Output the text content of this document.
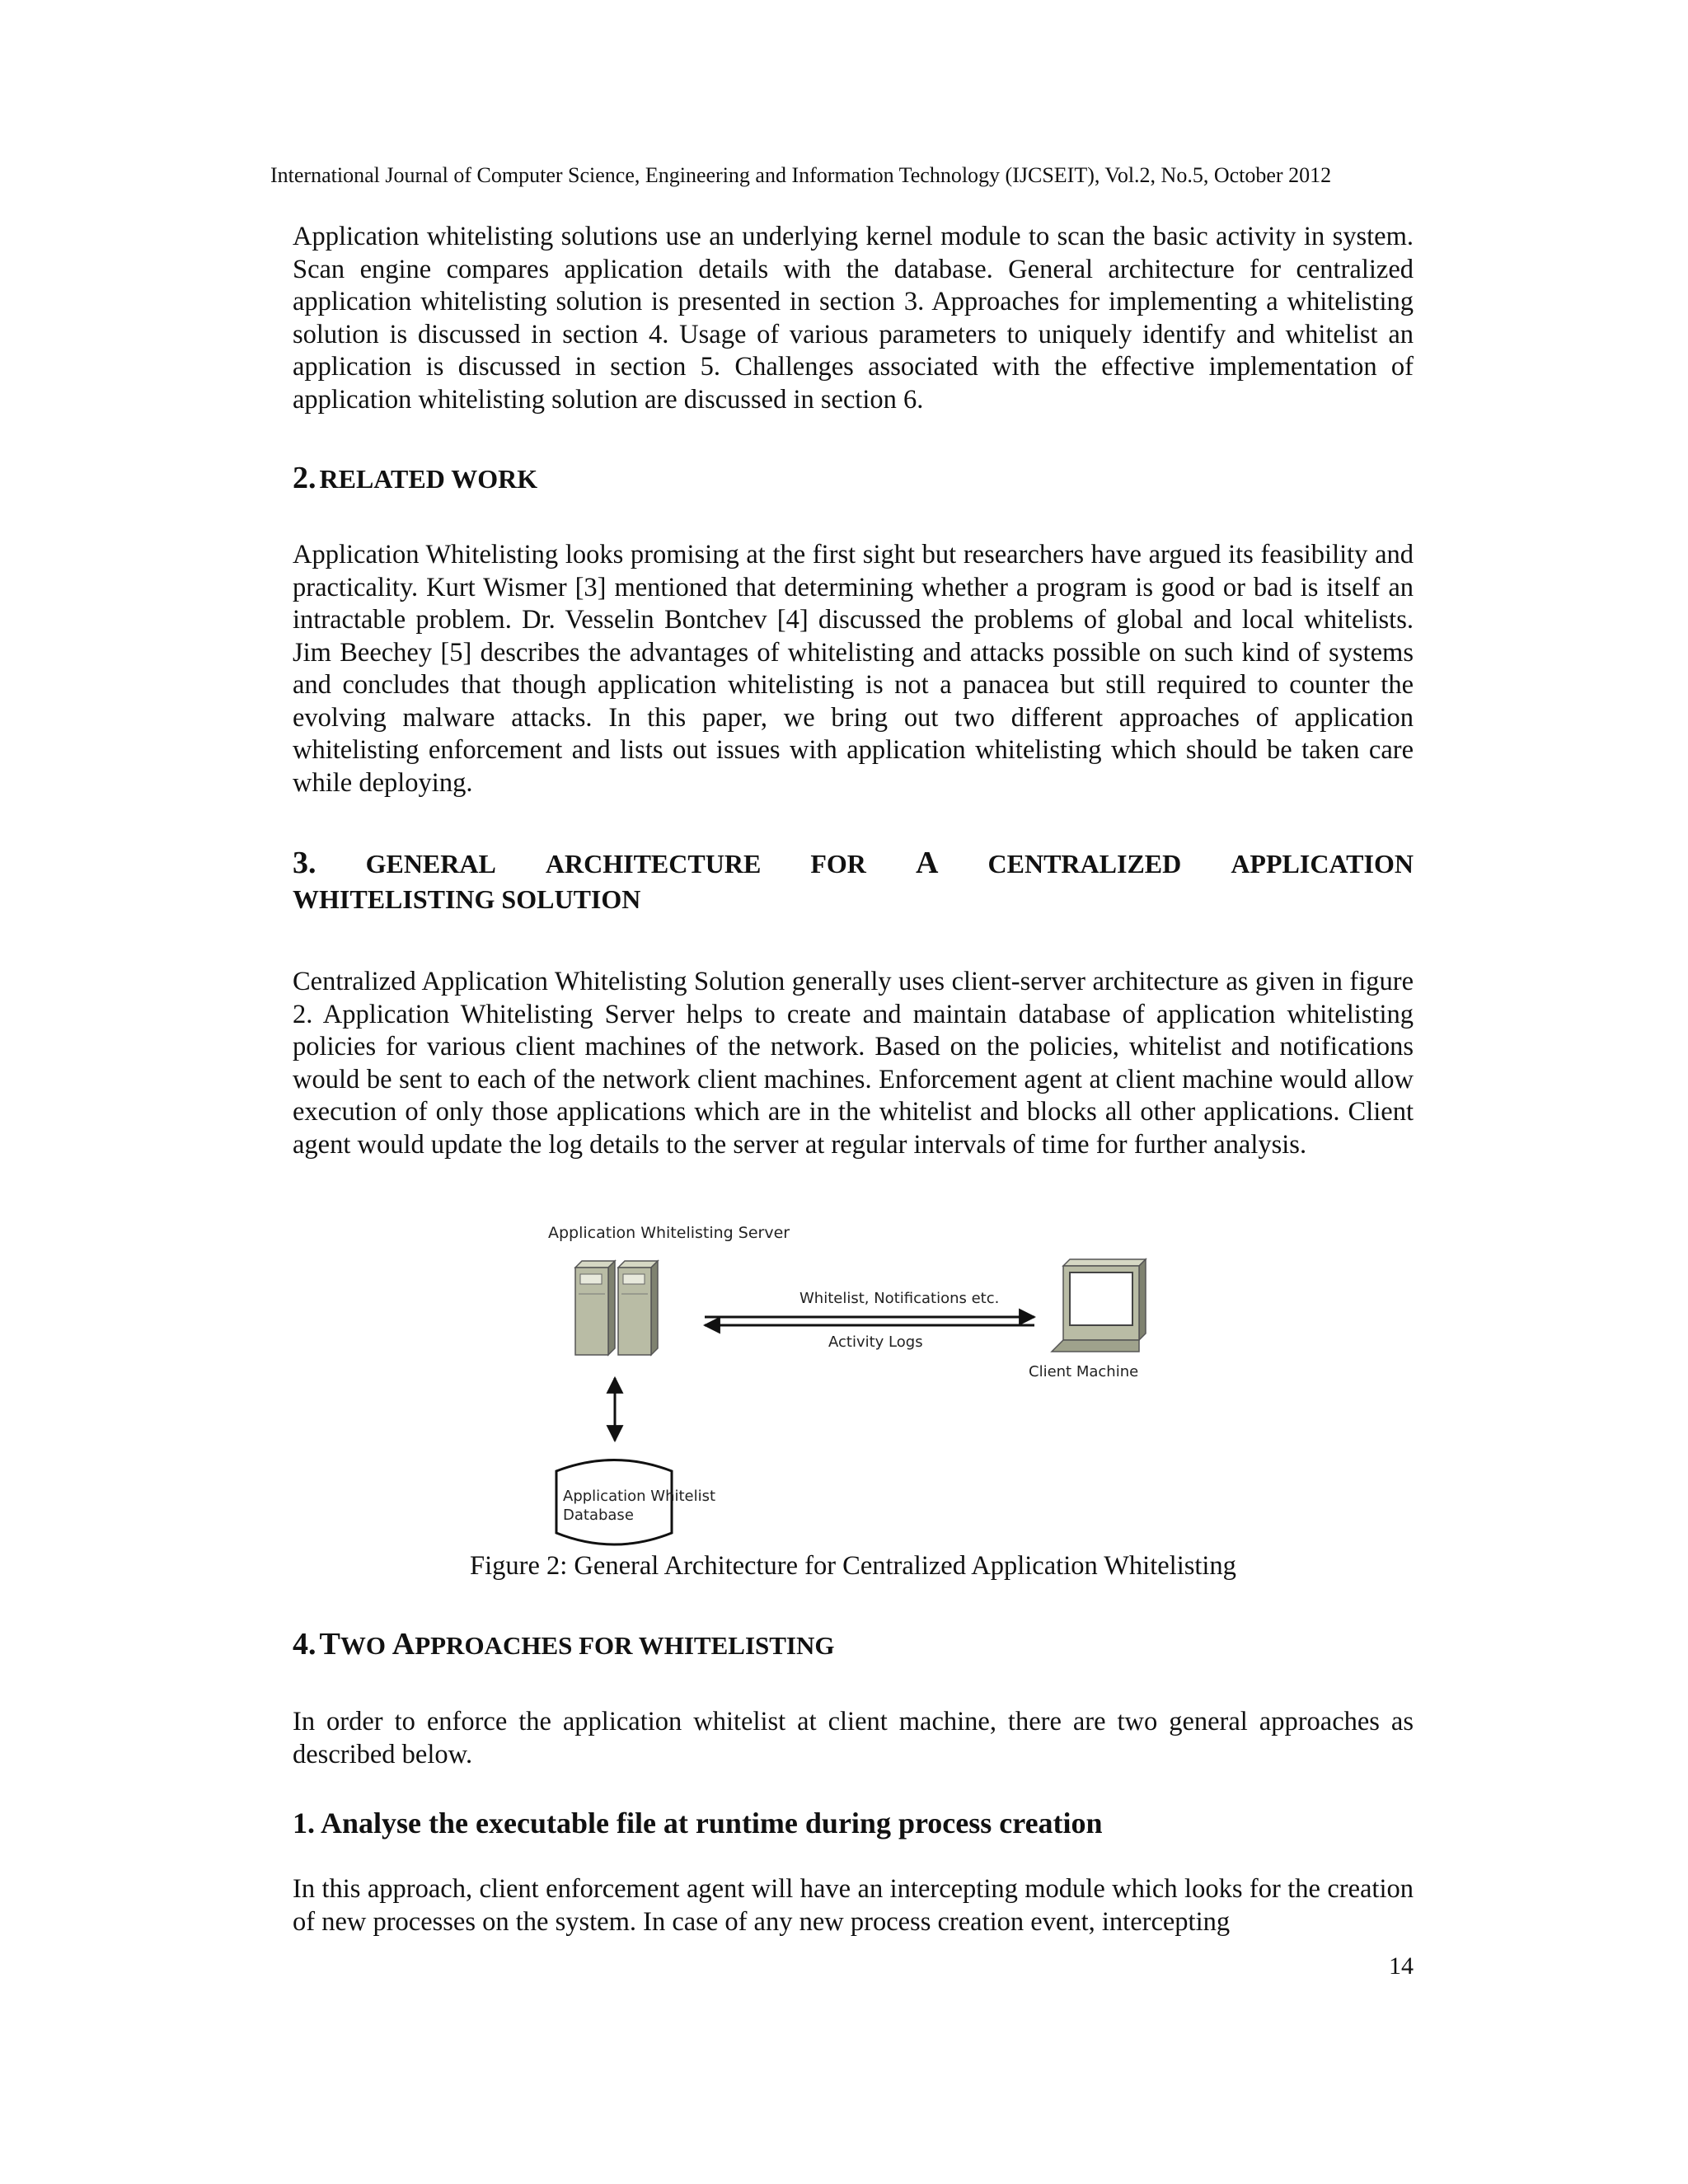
International Journal of Computer Science, Engineering and Information Technology (IJCSEIT), Vol.2, No.5, October 2012

Application whitelisting solutions use an underlying kernel module to scan the basic activity in system. Scan engine compares application details with the database. General architecture for centralized application whitelisting solution is presented in section 3. Approaches for implementing a whitelisting solution is discussed in section 4. Usage of various parameters to uniquely identify and whitelist an application is discussed in section 5. Challenges associated with the effective implementation of application whitelisting solution are discussed in section 6.

2. RELATED WORK

Application Whitelisting looks promising at the first sight but researchers have argued its feasibility and practicality. Kurt Wismer [3] mentioned that determining whether a program is good or bad is itself an intractable problem. Dr. Vesselin Bontchev [4] discussed the problems of global and local whitelists. Jim Beechey [5] describes the advantages of whitelisting and attacks possible on such kind of systems and concludes that though application whitelisting is not a panacea but still required to counter the evolving malware attacks. In this paper, we bring out two different approaches of application whitelisting enforcement and lists out issues with application whitelisting which should be taken care while deploying.

3. GENERAL ARCHITECTURE FOR A CENTRALIZED APPLICATION
WHITELISTING SOLUTION

Centralized Application Whitelisting Solution generally uses client-server architecture as given in figure 2. Application Whitelisting Server helps to create and maintain database of application whitelisting policies for various client machines of the network. Based on the policies, whitelist and notifications would be sent to each of the network client machines. Enforcement agent at client machine would allow execution of only those applications which are in the whitelist and blocks all other applications. Client agent would update the log details to the server at regular intervals of time for further analysis.

Application Whitelisting Server
Whitelist, Notifications etc.
Activity Logs
Client Machine
Application Whitelist
Database
Figure 2: General Architecture for Centralized Application Whitelisting
4. TWO APPROACHES FOR WHITELISTING

In order to enforce the application whitelist at client machine, there are two general approaches as described below.

1. Analyse the executable file at runtime during process creation

In this approach, client enforcement agent will have an intercepting module which looks for the creation of new processes on the system. In case of any new process creation event, intercepting

14
